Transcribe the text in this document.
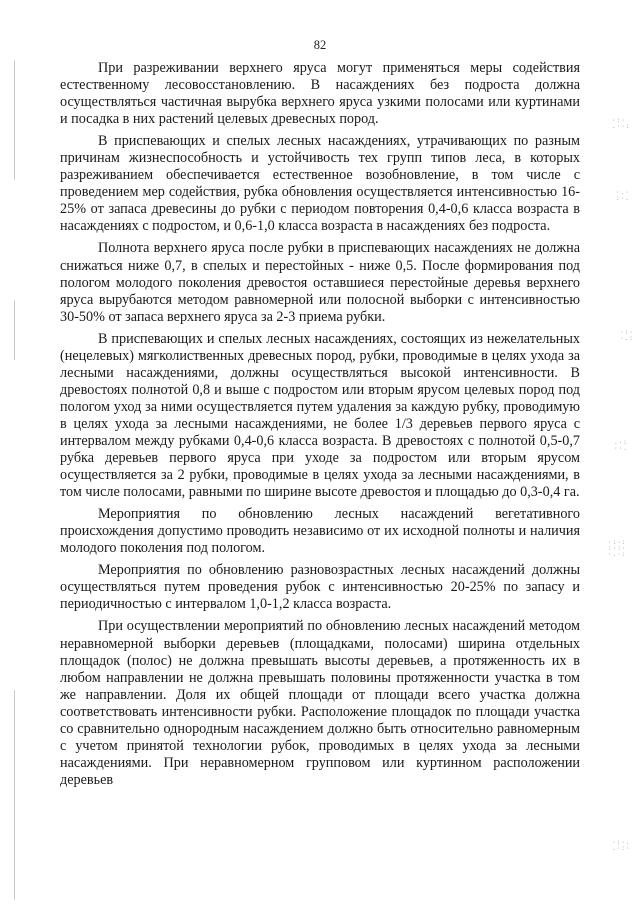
·:·
.··:
·.·
:·.
·:·
·.:
.·:
··.
·:·:
:·:·
·.·:
·:·.
.·:·
82

При разреживании верхнего яруса могут применяться меры содействия естественному лесовосстановлению. В насаждениях без подроста должна осуществляться частичная вырубка верхнего яруса узкими полосами или куртинами и посадка в них растений целевых древесных пород.

В приспевающих и спелых лесных насаждениях, утрачивающих по разным причинам жизнеспособность и устойчивость тех групп типов леса, в которых разреживанием обеспечивается естественное возобновление, в том числе с проведением мер содействия, рубка обновления осуществляется интенсивностью 16-25% от запаса древесины до рубки с периодом повторения 0,4-0,6 класса возраста в насаждениях с подростом, и 0,6-1,0 класса возраста в насаждениях без подроста.

Полнота верхнего яруса после рубки в приспевающих насаждениях не должна снижаться ниже 0,7, в спелых и перестойных - ниже 0,5. После формирования под пологом молодого поколения древостоя оставшиеся перестойные деревья верхнего яруса вырубаются методом равномерной или полосной выборки с интенсивностью 30-50% от запаса верхнего яруса за 2-3 приема рубки.

В приспевающих и спелых лесных насаждениях, состоящих из нежелательных (нецелевых) мягколиственных древесных пород, рубки, проводимые в целях ухода за лесными насаждениями, должны осуществляться высокой интенсивности. В древостоях полнотой 0,8 и выше с подростом или вторым ярусом целевых пород под пологом уход за ними осуществляется путем удаления за каждую рубку, проводимую в целях ухода за лесными насаждениями, не более 1/3 деревьев первого яруса с интервалом между рубками 0,4-0,6 класса возраста. В древостоях с полнотой 0,5-0,7 рубка деревьев первого яруса при уходе за подростом или вторым ярусом осуществляется за 2 рубки, проводимые в целях ухода за лесными насаждениями, в том числе полосами, равными по ширине высоте древостоя и площадью до 0,3-0,4 га.

Мероприятия по обновлению лесных насаждений вегетативного происхождения допустимо проводить независимо от их исходной полноты и наличия молодого поколения под пологом.

Мероприятия по обновлению разновозрастных лесных насаждений должны осуществляться путем проведения рубок с интенсивностью 20-25% по запасу и периодичностью с интервалом 1,0-1,2 класса возраста.

При осуществлении мероприятий по обновлению лесных насаждений методом неравномерной выборки деревьев (площадками, полосами) ширина отдельных площадок (полос) не должна превышать высоты деревьев, а протяженность их в любом направлении не должна превышать половины протяженности участка в том же направлении. Доля их общей площади от площади всего участка должна соответствовать интенсивности рубки. Расположение площадок по площади участка со сравнительно однородным насаждением должно быть относительно равномерным с учетом принятой технологии рубок, проводимых в целях ухода за лесными насаждениями. При неравномерном групповом или куртинном расположении деревьев
